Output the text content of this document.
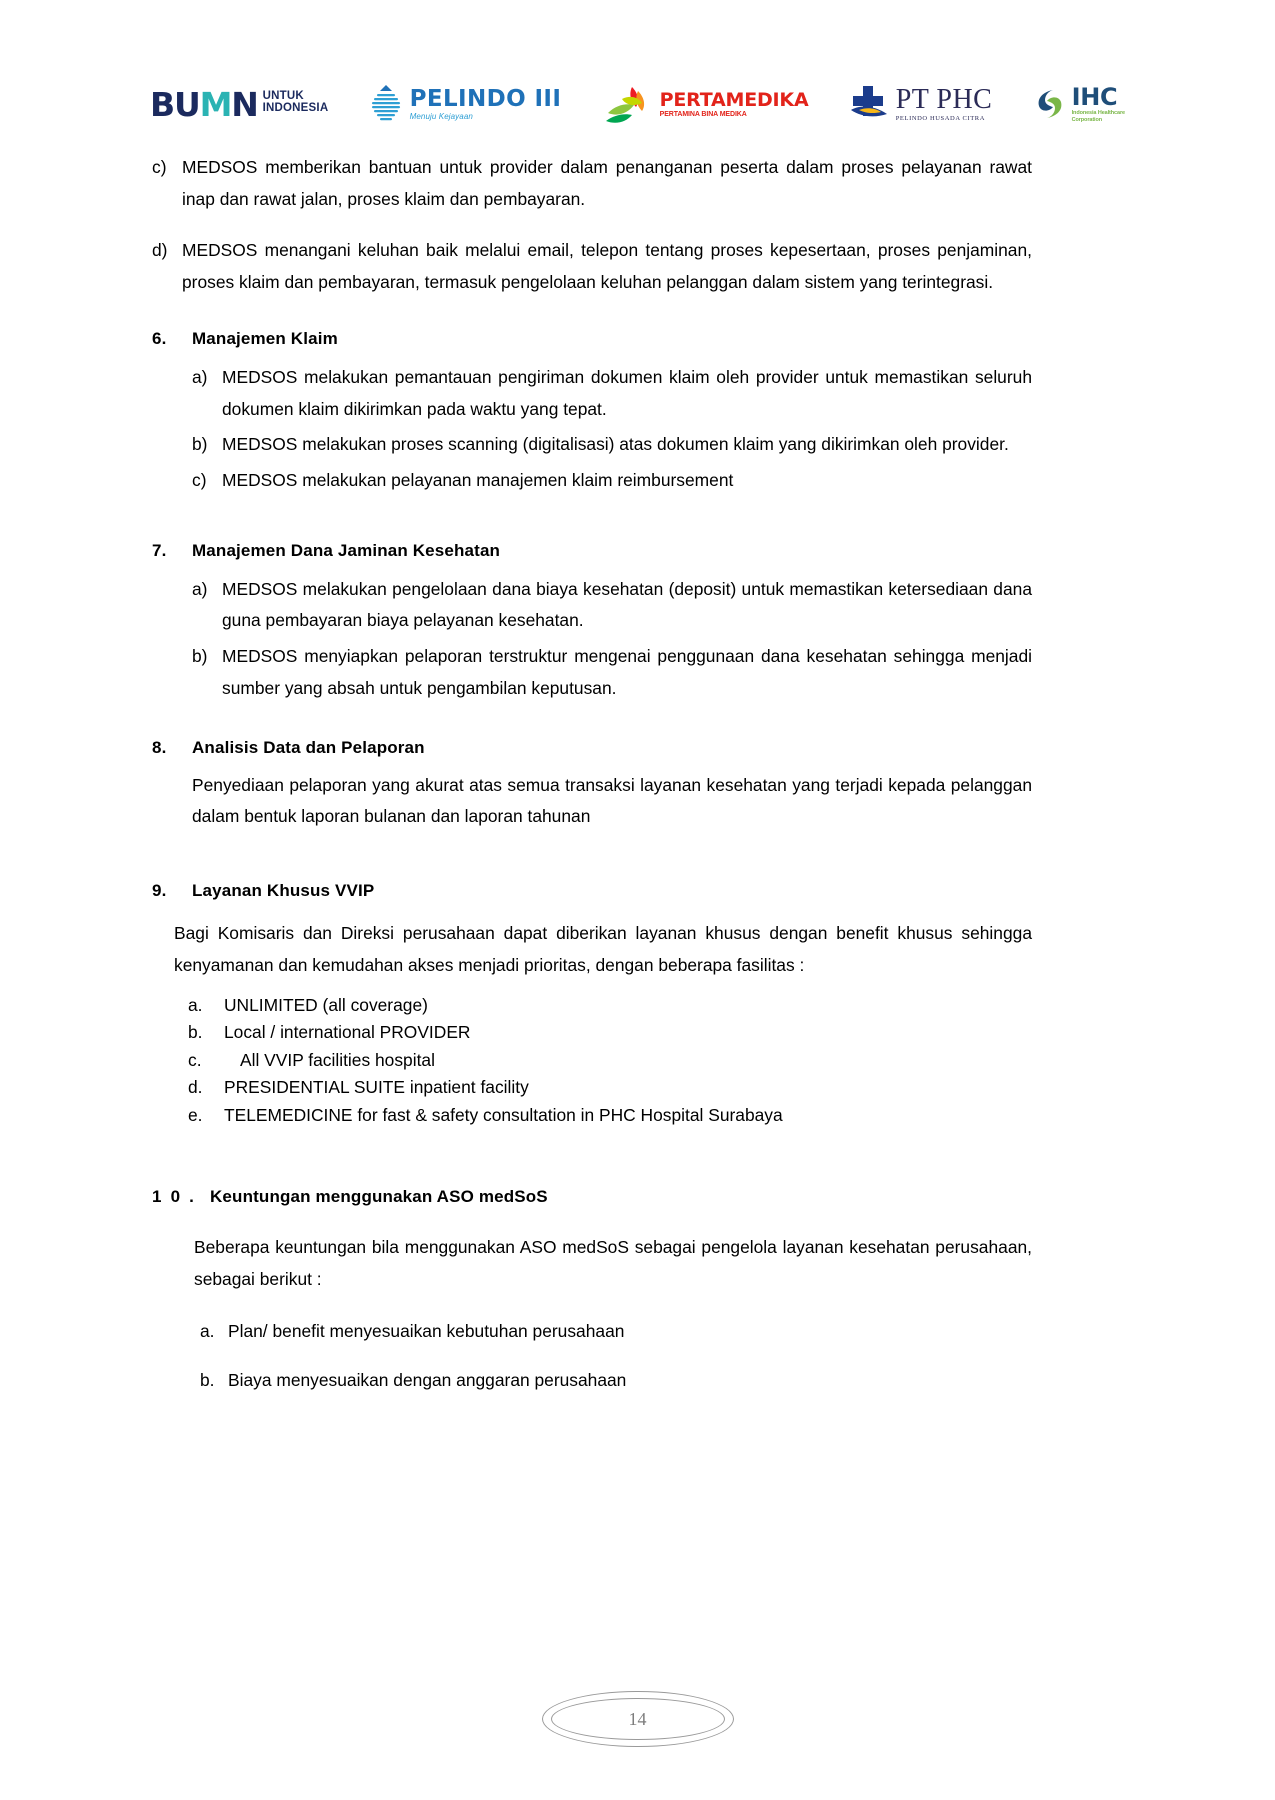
BUMN UNTUK
INDONESIA	PELINDO III
Menuju Kejayaan
PERTAMEDIKA
PERTAMINA BINA MEDIKA	PT PHC
PELINDO HUSADA CITRA
IHC
Indonesia Healthcare
Corporation
c) MEDSOS memberikan bantuan untuk provider dalam penanganan peserta dalam proses pelayanan rawat inap dan rawat jalan, proses klaim dan pembayaran.
d) MEDSOS menangani keluhan baik melalui email, telepon tentang proses kepesertaan, proses penjaminan, proses klaim dan pembayaran, termasuk pengelolaan keluhan pelanggan dalam sistem yang terintegrasi.
6.	Manajemen Klaim
a) MEDSOS melakukan pemantauan pengiriman dokumen klaim oleh provider untuk memastikan seluruh dokumen klaim dikirimkan pada waktu yang tepat.
b) MEDSOS melakukan proses scanning (digitalisasi) atas dokumen klaim yang dikirimkan oleh provider.
c) MEDSOS melakukan pelayanan manajemen klaim reimbursement
7.	Manajemen Dana Jaminan Kesehatan
a) MEDSOS melakukan pengelolaan dana biaya kesehatan (deposit) untuk memastikan ketersediaan dana guna pembayaran biaya pelayanan kesehatan.
b) MEDSOS menyiapkan pelaporan terstruktur mengenai penggunaan dana kesehatan sehingga menjadi sumber yang absah untuk pengambilan keputusan.
8.	Analisis Data dan Pelaporan

Penyediaan pelaporan yang akurat atas semua transaksi layanan kesehatan yang terjadi kepada pelanggan dalam bentuk laporan bulanan dan laporan tahunan

9.	Layanan Khusus VVIP

Bagi Komisaris dan Direksi perusahaan dapat diberikan layanan khusus dengan benefit khusus sehingga kenyamanan dan kemudahan akses menjadi prioritas, dengan beberapa fasilitas :

a.	UNLIMITED (all coverage)
b.	Local / international PROVIDER
c.	All VVIP facilities hospital
d.	PRESIDENTIAL SUITE inpatient facility
e.	TELEMEDICINE for fast & safety consultation in PHC Hospital Surabaya
1 0 . Keuntungan menggunakan ASO medSoS

Beberapa keuntungan bila menggunakan ASO medSoS sebagai pengelola layanan kesehatan perusahaan, sebagai berikut :

a. Plan/ benefit menyesuaikan kebutuhan perusahaan
b. Biaya menyesuaikan dengan anggaran perusahaan
14
